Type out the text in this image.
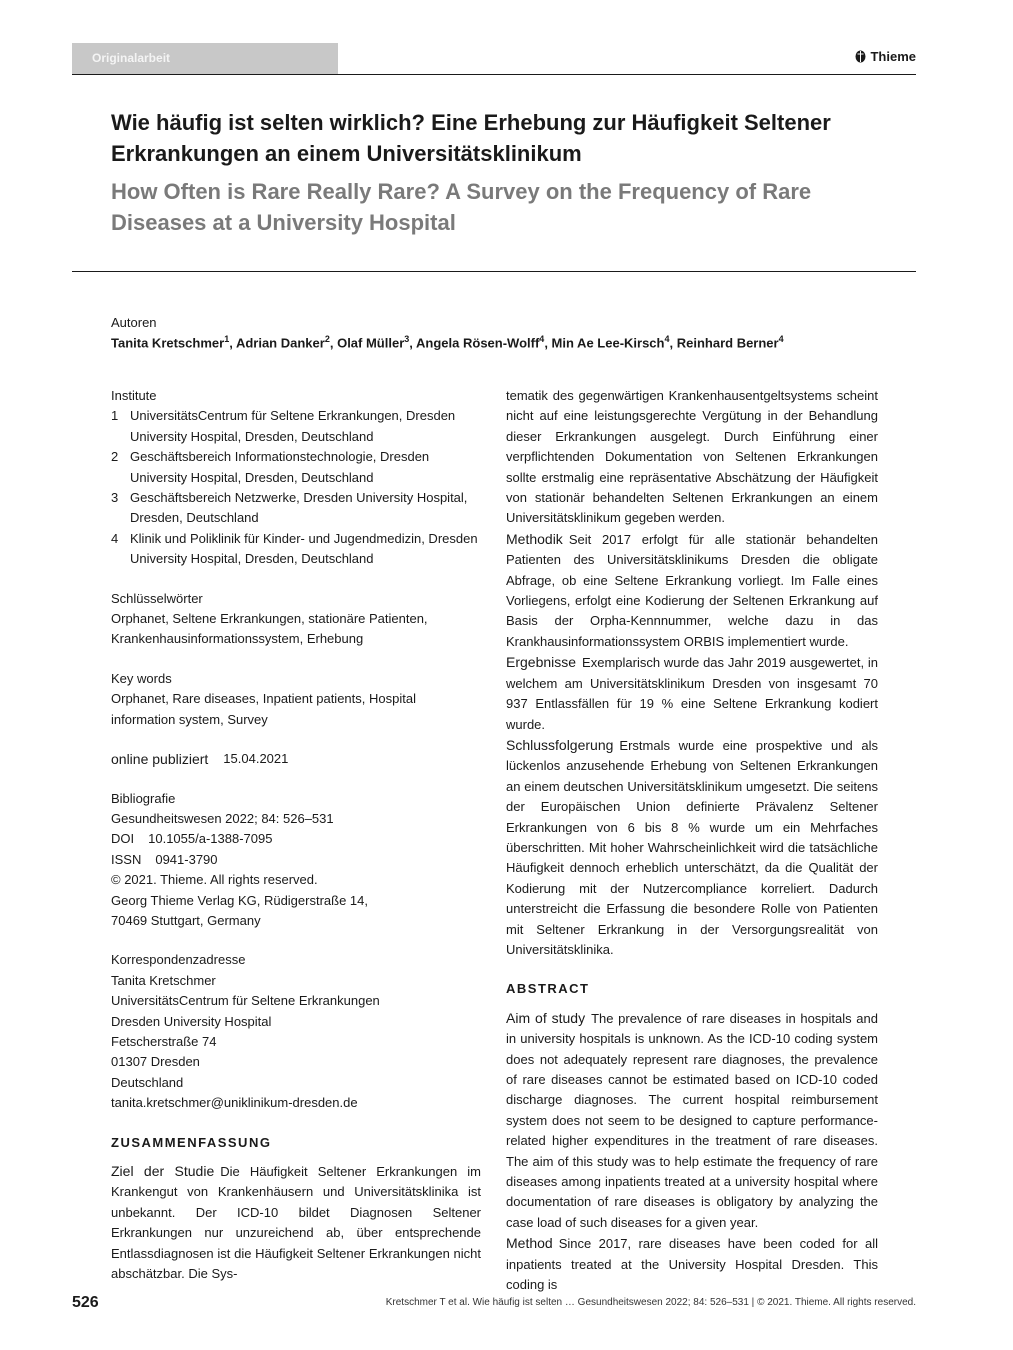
Originalarbeit	Thieme
Wie häufig ist selten wirklich? Eine Erhebung zur Häufigkeit Seltener Erkrankungen an einem Universitätsklinikum
How Often is Rare Really Rare? A Survey on the Frequency of Rare Diseases at a University Hospital
Autoren
Tanita Kretschmer$^1$, Adrian Danker$^2$, Olaf Müller$^3$, Angela Rösen-Wolff$^4$, Min Ae Lee-Kirsch$^4$, Reinhard Berner$^4$
Institute
1 UniversitätsCentrum für Seltene Erkrankungen, Dresden University Hospital, Dresden, Deutschland
2 Geschäftsbereich Informationstechnologie, Dresden University Hospital, Dresden, Deutschland
3 Geschäftsbereich Netzwerke, Dresden University Hospital, Dresden, Deutschland
4 Klinik und Poliklinik für Kinder- und Jugendmedizin, Dresden University Hospital, Dresden, Deutschland
Schlüsselwörter
Orphanet, Seltene Erkrankungen, stationäre Patienten, Krankenhausinformationssystem, Erhebung
Key words
Orphanet, Rare diseases, Inpatient patients, Hospital information system, Survey
online publiziert 15.04.2021
Bibliografie
Gesundheitswesen 2022; 84: 526–531
DOI 10.1055/a-1388-7095
ISSN 0941-3790
© 2021. Thieme. All rights reserved.
Georg Thieme Verlag KG, Rüdigerstraße 14,
70469 Stuttgart, Germany
Korrespondenzadresse
Tanita Kretschmer
UniversitätsCentrum für Seltene Erkrankungen
Dresden University Hospital
Fetscherstraße 74
01307 Dresden
Deutschland
tanita.kretschmer@uniklinikum-dresden.de
ZUSAMMENFASSUNG

Ziel der Studie Die Häufigkeit Seltener Erkrankungen im Krankengut von Krankenhäusern und Universitätsklinika ist unbekannt. Der ICD-10 bildet Diagnosen Seltener Erkrankungen nur unzureichend ab, über entsprechende Entlassdiagnosen ist die Häufigkeit Seltener Erkrankungen nicht abschätzbar. Die Sys-

tematik des gegenwärtigen Krankenhausentgeltsystems scheint nicht auf eine leistungsgerechte Vergütung in der Behandlung dieser Erkrankungen ausgelegt. Durch Einführung einer verpflichtenden Dokumentation von Seltenen Erkrankungen sollte erstmalig eine repräsentative Abschätzung der Häufigkeit von stationär behandelten Seltenen Erkrankungen an einem Universitätsklinikum gegeben werden.

Methodik Seit 2017 erfolgt für alle stationär behandelten Patienten des Universitätsklinikums Dresden die obligate Abfrage, ob eine Seltene Erkrankung vorliegt. Im Falle eines Vorliegens, erfolgt eine Kodierung der Seltenen Erkrankung auf Basis der Orpha-Kennnummer, welche dazu in das Krankhausinformationssystem ORBIS implementiert wurde.

Ergebnisse Exemplarisch wurde das Jahr 2019 ausgewertet, in welchem am Universitätsklinikum Dresden von insgesamt 70 937 Entlassfällen für 19 % eine Seltene Erkrankung kodiert wurde.

Schlussfolgerung Erstmals wurde eine prospektive und als lückenlos anzusehende Erhebung von Seltenen Erkrankungen an einem deutschen Universitätsklinikum umgesetzt. Die seitens der Europäischen Union definierte Prävalenz Seltener Erkrankungen von 6 bis 8 % wurde um ein Mehrfaches überschritten. Mit hoher Wahrscheinlichkeit wird die tatsächliche Häufigkeit dennoch erheblich unterschätzt, da die Qualität der Kodierung mit der Nutzercompliance korreliert. Dadurch unterstreicht die Erfassung die besondere Rolle von Patienten mit Seltener Erkrankung in der Versorgungsrealität von Universitätsklinika.

ABSTRACT

Aim of study The prevalence of rare diseases in hospitals and in university hospitals is unknown. As the ICD-10 coding system does not adequately represent rare diagnoses, the prevalence of rare diseases cannot be estimated based on ICD-10 coded discharge diagnoses. The current hospital reimbursement system does not seem to be designed to capture performance-related higher expenditures in the treatment of rare diseases. The aim of this study was to help estimate the frequency of rare diseases among inpatients treated at a university hospital where documentation of rare diseases is obligatory by analyzing the case load of such diseases for a given year.

Method Since 2017, rare diseases have been coded for all inpatients treated at the University Hospital Dresden. This coding is

526	Kretschmer T et al. Wie häufig ist selten … Gesundheitswesen 2022; 84: 526–531 | © 2021. Thieme. All rights reserved.
